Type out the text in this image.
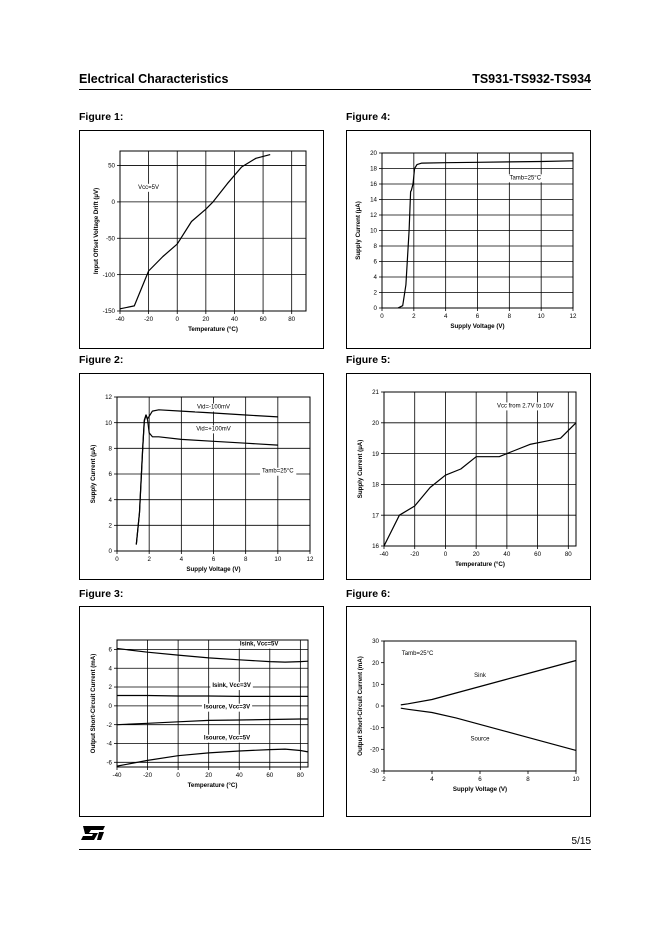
Electrical Characteristics	TS931-TS932-TS934
Figure 1:	Figure 4:
Figure 2:	Figure 5:
Figure 3:	Figure 6:
-40	-20	0	20	40	60	80
-150
-100
-50
0
50
Temperature (°C)
Input Offset Voltage Drift (µV)
Vcc=5V
0	2	4	6	8	10	12
0
2
4
6
8
10
12
14
16
18
20
Supply Voltage (V)
Supply Current (µA)
Tamb=25°C
0	2	4	6	8	10	12
0
2
4
6
8
10
12
Supply Voltage (V)
Supply Current (µA)
Vid=-100mV
Vid=+100mV
Tamb=25°C
-40	-20	0	20	40	60	80
16
17
18
19
20
21
Temperature (°C)
Supply Current (µA)
Vcc from 2.7V to 10V
-40	-20	0	20	40	60	80
-6
-4
-2
0
2
4
6
Temperature (°C)
Output Short-Circuit Current (mA)
Isink, Vcc=5V
Isink, Vcc=3V
Isource, Vcc=3V
Isource, Vcc=5V
2	4	6	8	10
-30
-20
-10
0
10
20
30
Supply Voltage (V)
Output Short-Circuit Current (mA)
Tamb=25°C
Sink
Source
5/15
